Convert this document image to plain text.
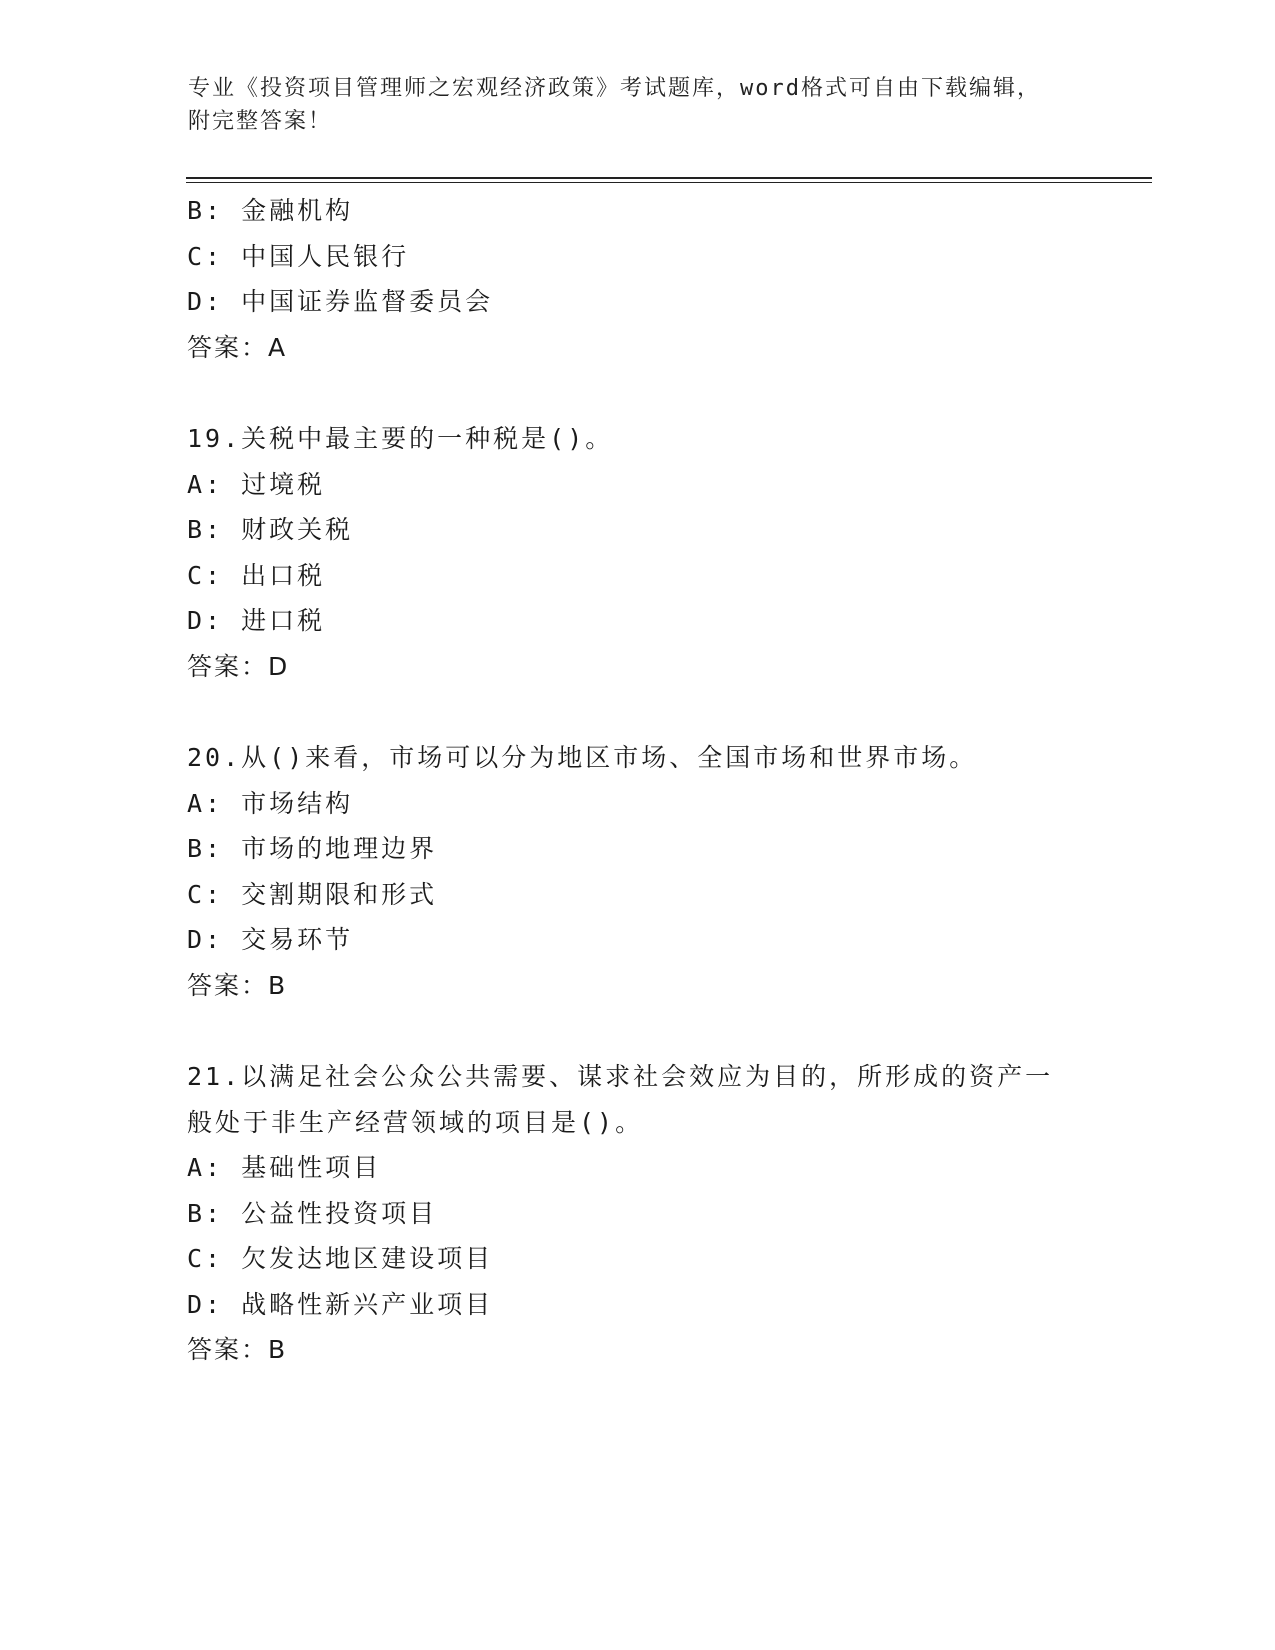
专业《投资项目管理师之宏观经济政策》考试题库，word格式可自由下载编辑，
附完整答案！
B: 金融机构
C: 中国人民银行
D: 中国证券监督委员会
答案：A
19.关税中最主要的一种税是()。
A: 过境税
B: 财政关税
C: 出口税
D: 进口税
答案：D
20.从()来看，市场可以分为地区市场、全国市场和世界市场。
A: 市场结构
B: 市场的地理边界
C: 交割期限和形式
D: 交易环节
答案：B
21.以满足社会公众公共需要、谋求社会效应为目的，所形成的资产一
般处于非生产经营领域的项目是()。
A: 基础性项目
B: 公益性投资项目
C: 欠发达地区建设项目
D: 战略性新兴产业项目
答案：B
